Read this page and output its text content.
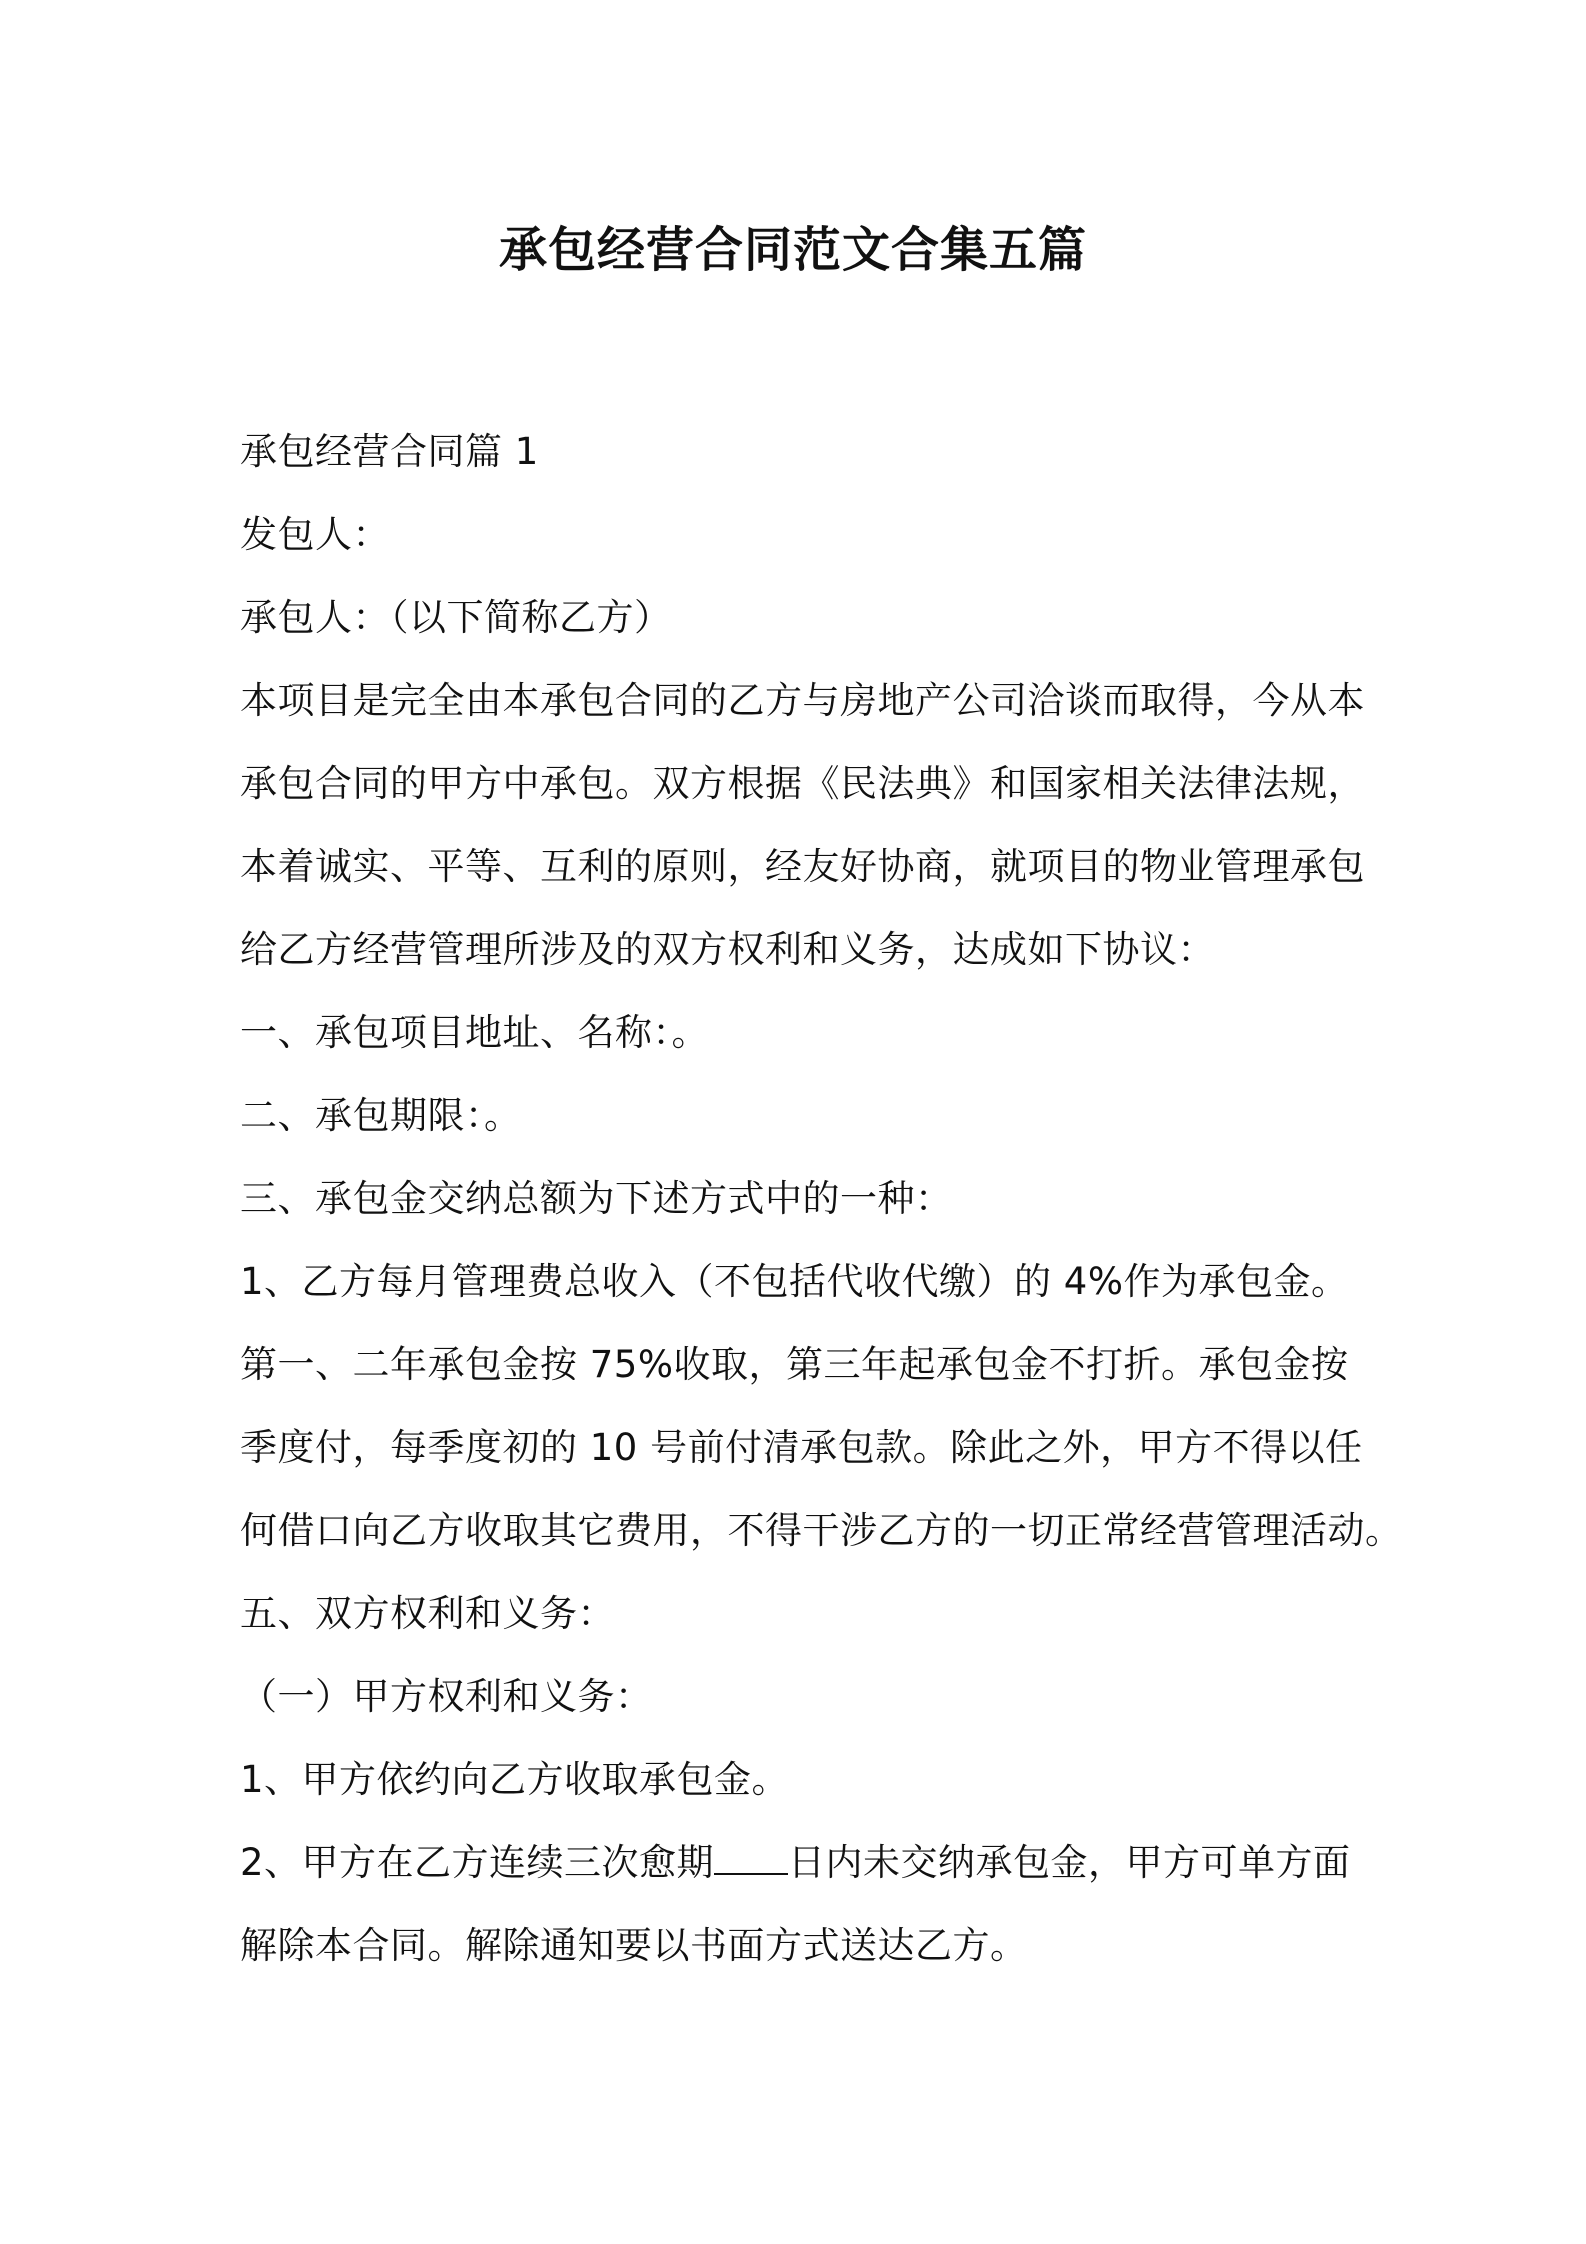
承包经营合同范文合集五篇
承包经营合同篇 1
发包人：
承包人：（以下简称乙方）
本项目是完全由本承包合同的乙方与房地产公司洽谈而取得，今从本
承包合同的甲方中承包。双方根据《民法典》和国家相关法律法规，
本着诚实、平等、互利的原则，经友好协商，就项目的物业管理承包
给乙方经营管理所涉及的双方权利和义务，达成如下协议：
一、承包项目地址、名称：。
二、承包期限：。
三、承包金交纳总额为下述方式中的一种：
1、乙方每月管理费总收入（不包括代收代缴）的 4%作为承包金。
第一、二年承包金按 75%收取，第三年起承包金不打折。承包金按
季度付，每季度初的 10 号前付清承包款。除此之外，甲方不得以任
何借口向乙方收取其它费用，不得干涉乙方的一切正常经营管理活动。
五、双方权利和义务：
（一）甲方权利和义务：
1、甲方依约向乙方收取承包金。
2、甲方在乙方连续三次愈期 日内未交纳承包金，甲方可单方面
解除本合同。解除通知要以书面方式送达乙方。
